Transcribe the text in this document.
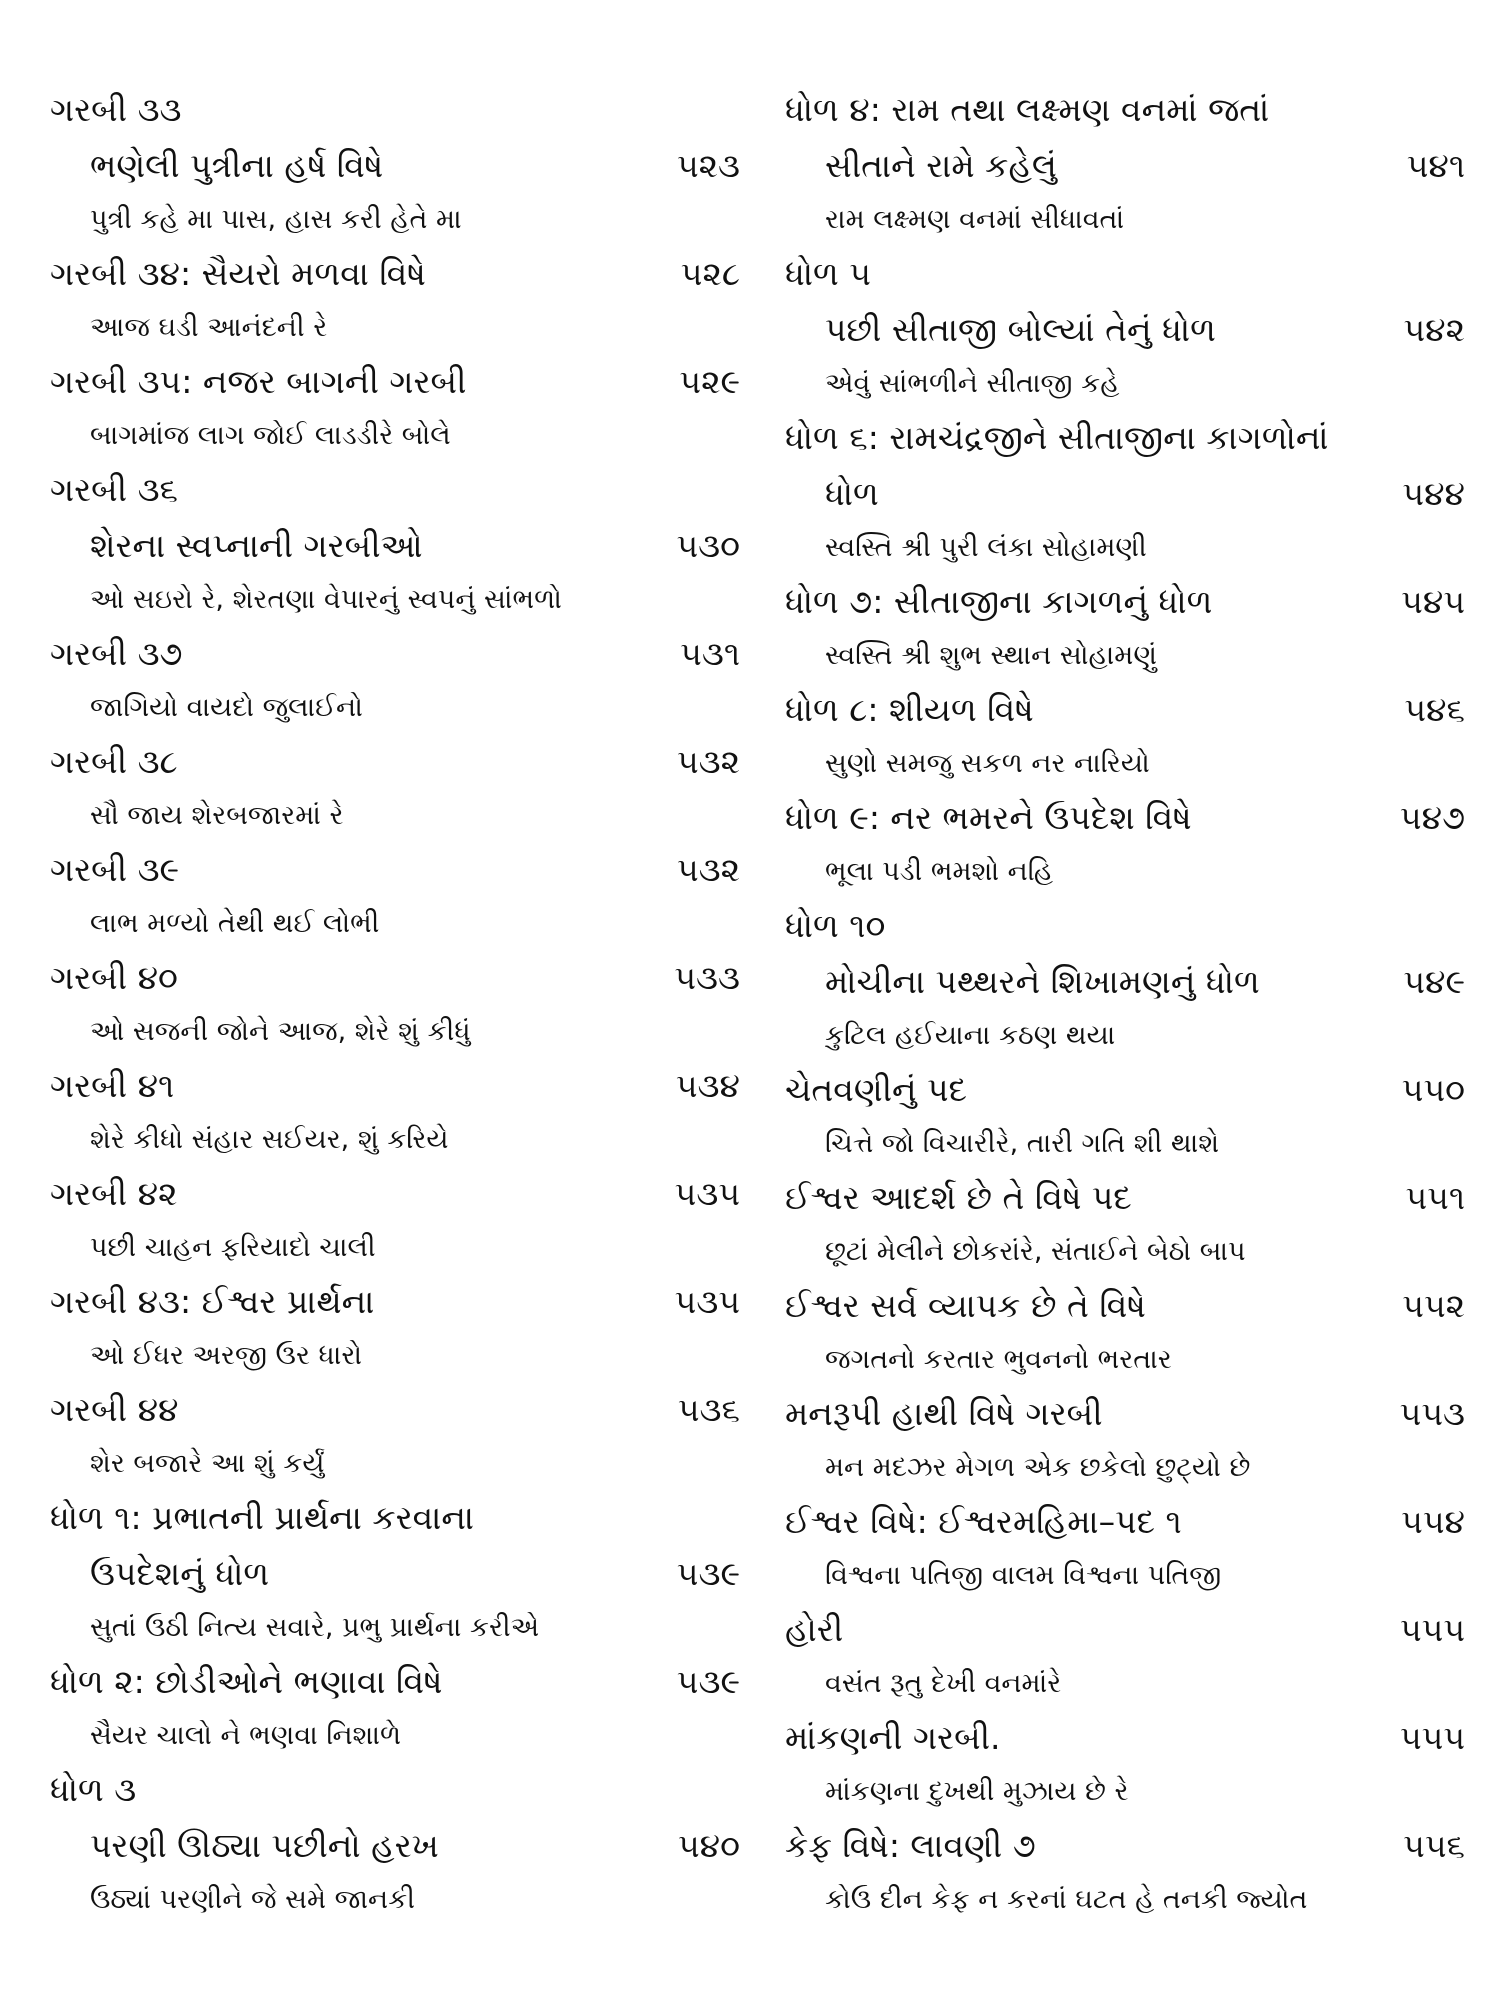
ગરબી ૩૩
ભણેલી પુત્રીના હર્ષ વિષે	૫૨૩
પુત્રી કહે મા પાસ, હાસ કરી હેતે મા
ગરબી ૩૪: સૈયરો મળવા વિષે	૫૨૮
આજ ઘડી આનંદની રે
ગરબી ૩૫: નજર બાગની ગરબી	૫૨૯
બાગમાંજ લાગ જોઈ લાડડીરે બોલે
ગરબી ૩૬
શેરના સ્વપ્નાની ગરબીઓ	૫૩૦
ઓ સઇરો રે, શેરતણા વેપારનું સ્વપનું સાંભળો
ગરબી ૩૭	૫૩૧
જાગિયો વાયદો જુલાઈનો
ગરબી ૩૮	૫૩૨
સૌ જાય શેરબજારમાં રે
ગરબી ૩૯	૫૩૨
લાભ મળ્યો તેથી થઈ લોભી
ગરબી ૪૦	૫૩૩
ઓ સજની જોને આજ, શેરે શું કીધું
ગરબી ૪૧	૫૩૪
શેરે કીધો સંહાર સઈયર, શું કરિયે
ગરબી ૪૨	૫૩૫
પછી ચાહન ફરિયાદો ચાલી
ગરબી ૪૩: ઈશ્વર પ્રાર્થના	૫૩૫
ઓ ઈધર અરજી ઉર ધારો
ગરબી ૪૪	૫૩૬
શેર બજારે આ શું કર્યું
ધોળ ૧: પ્રભાતની પ્રાર્થના કરવાના
ઉપદેશનું ધોળ	૫૩૯
સુતાં ઉઠી નિત્ય સવારે, પ્રભુ પ્રાર્થના કરીએ
ધોળ ૨: છોડીઓને ભણાવા વિષે	૫૩૯
સૈયર ચાલો ને ભણવા નિશાળે
ધોળ ૩
પરણી ઊઠ્યા પછીનો હરખ	૫૪૦
ઉઠ્યાં પરણીને જે સમે જાનકી
ધોળ ૪: રામ તથા લક્ષ્મણ વનમાં જતાં
સીતાને રામે કહેલું	૫૪૧
રામ લક્ષ્મણ વનમાં સીધાવતાં
ધોળ ૫
પછી સીતાજી બોલ્યાં તેનું ધોળ	૫૪૨
એવું સાંભળીને સીતાજી કહે
ધોળ ૬: રામચંદ્રજીને સીતાજીના કાગળોનાં
ધોળ	૫૪૪
સ્વસ્તિ શ્રી પુરી લંકા સોહામણી
ધોળ ૭: સીતાજીના કાગળનું ધોળ	૫૪૫
સ્વસ્તિ શ્રી શુભ સ્થાન સોહામણું
ધોળ ૮: શીયળ વિષે	૫૪૬
સુણો સમજુ સકળ નર નારિયો
ધોળ ૯: નર ભમરને ઉપદેશ વિષે	૫૪૭
ભૂલા પડી ભમશો નહિ
ધોળ ૧૦
મોચીના પથ્થરને શિખામણનું ધોળ	૫૪૯
કુટિલ હઈયાના કઠણ થયા
ચેતવણીનું પદ	૫૫૦
ચિત્તે જો વિચારીરે, તારી ગતિ શી થાશે
ઈશ્વર આદર્શ છે તે વિષે પદ	૫૫૧
છૂટાં મેલીને છોકરાંરે, સંતાઈને બેઠો બાપ
ઈશ્વર સર્વ વ્યાપક છે તે વિષે	૫૫૨
જગતનો કરતાર ભુવનનો ભરતાર
મનરૂપી હાથી વિષે ગરબી	૫૫૩
મન મદઝર મેગળ એક છકેલો છુટ્યો છે
ઈશ્વર વિષે: ઈશ્વરમહિમા–પદ ૧	૫૫૪
વિશ્વના પતિજી વાલમ વિશ્વના પતિજી
હોરી	૫૫૫
વસંત રૂતુ દેખી વનમાંરે
માંકણની ગરબી.	૫૫૫
માંકણના દુખથી મુઝાય છે રે
કેફ વિષે: લાવણી ૭	૫૫૬
કોઉ દીન કેફ ન કરનાં ઘટત હે તનકી જ્યોત
